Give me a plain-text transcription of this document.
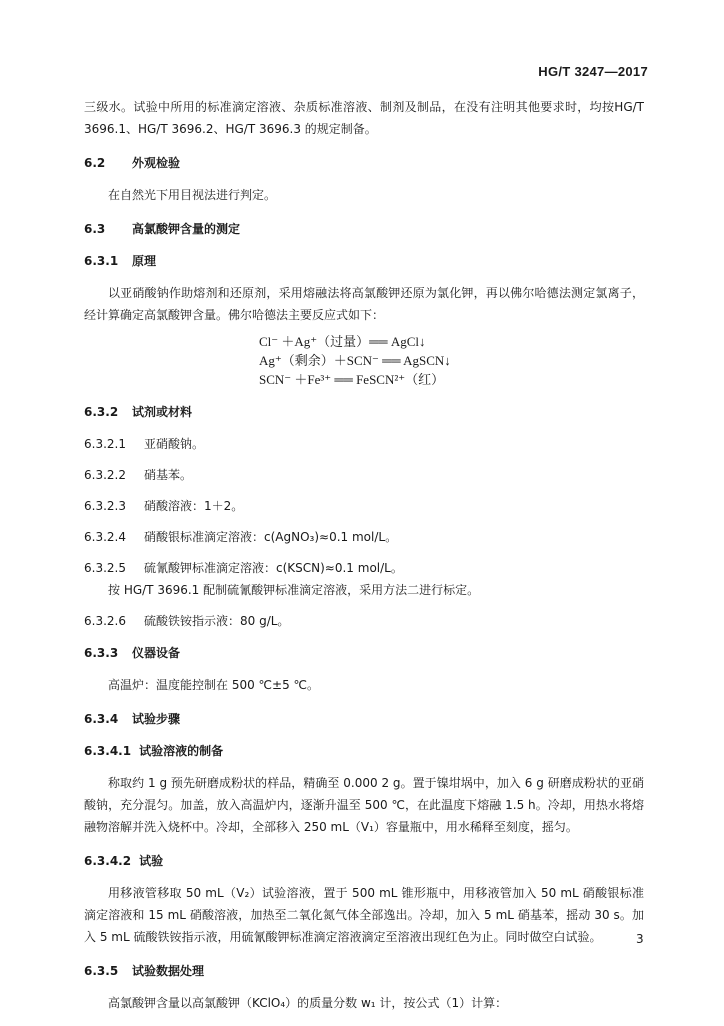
HG/T 3247—2017

三级水。试验中所用的标准滴定溶液、杂质标准溶液、制剂及制品，在没有注明其他要求时，均按HG/T 3696.1、HG/T 3696.2、HG/T 3696.3 的规定制备。

6.2 外观检验

在自然光下用目视法进行判定。

6.3 高氯酸钾含量的测定
6.3.1 原理

以亚硝酸钠作助熔剂和还原剂，采用熔融法将高氯酸钾还原为氯化钾，再以佛尔哈德法测定氯离子，经计算确定高氯酸钾含量。佛尔哈德法主要反应式如下：

Cl⁻ ＋Ag⁺（过量）══ AgCl↓
Ag⁺（剩余）＋SCN⁻ ══ AgSCN↓
SCN⁻ ＋Fe³⁺ ══ FeSCN²⁺（红）
6.3.2 试剂或材料
6.3.2.1 亚硝酸钠。
6.3.2.2 硝基苯。
6.3.2.3 硝酸溶液：1＋2。
6.3.2.4 硝酸银标准滴定溶液：c(AgNO₃)≈0.1 mol/L。
6.3.2.5 硫氰酸钾标准滴定溶液：c(KSCN)≈0.1 mol/L。
按 HG/T 3696.1 配制硫氰酸钾标准滴定溶液，采用方法二进行标定。
6.3.2.6 硫酸铁铵指示液：80 g/L。
6.3.3 仪器设备

高温炉：温度能控制在 500 ℃±5 ℃。

6.3.4 试验步骤
6.3.4.1 试验溶液的制备

称取约 1 g 预先研磨成粉状的样品，精确至 0.000 2 g。置于镍坩埚中，加入 6 g 研磨成粉状的亚硝酸钠，充分混匀。加盖，放入高温炉内，逐渐升温至 500 ℃，在此温度下熔融 1.5 h。冷却，用热水将熔融物溶解并洗入烧杯中。冷却，全部移入 250 mL（V₁）容量瓶中，用水稀释至刻度，摇匀。

6.3.4.2 试验

用移液管移取 50 mL（V₂）试验溶液，置于 500 mL 锥形瓶中，用移液管加入 50 mL 硝酸银标准滴定溶液和 15 mL 硝酸溶液，加热至二氧化氮气体全部逸出。冷却，加入 5 mL 硝基苯，摇动 30 s。加入 5 mL 硫酸铁铵指示液，用硫氰酸钾标准滴定溶液滴定至溶液出现红色为止。同时做空白试验。

6.3.5 试验数据处理

高氯酸钾含量以高氯酸钾（KClO₄）的质量分数 w₁ 计，按公式（1）计算：

3
